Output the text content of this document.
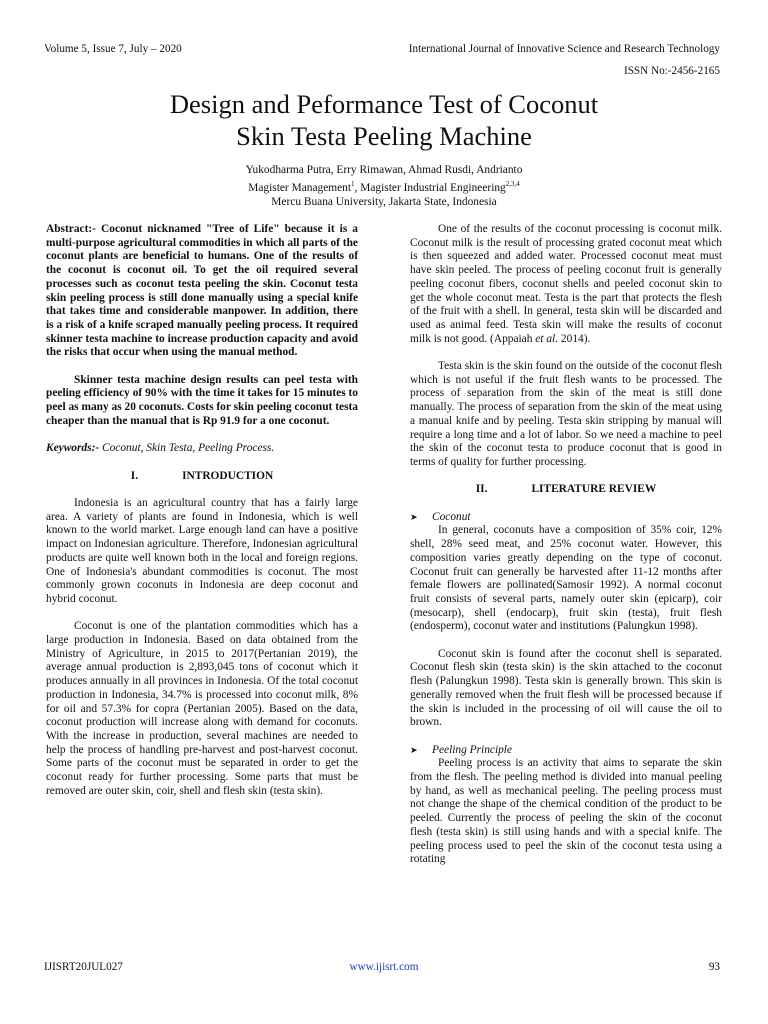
Volume 5, Issue 7, July – 2020	International Journal of Innovative Science and Research Technology
ISSN No:-2456-2165
Design and Peformance Test of Coconut
Skin Testa Peeling Machine
Yukodharma Putra, Erry Rimawan, Ahmad Rusdi, Andrianto
Magister Management$^1$, Magister Industrial Engineering$^{2,3,4}$
Mercu Buana University, Jakarta State, Indonesia

Abstract:- Coconut nicknamed "Tree of Life" because it is a multi-purpose agricultural commodities in which all parts of the coconut plants are beneficial to humans. One of the results of the coconut is coconut oil. To get the oil required several processes such as coconut testa peeling the skin. Coconut testa skin peeling process is still done manually using a special knife that takes time and considerable manpower. In addition, there is a risk of a knife scraped manually peeling process. It required skinner testa machine to increase production capacity and avoid the risks that occur when using the manual method.

Skinner testa machine design results can peel testa with peeling efficiency of 90% with the time it takes for 15 minutes to peel as many as 20 coconuts. Costs for skin peeling coconut testa cheaper than the manual that is Rp 91.9 for a one coconut.

Keywords:- Coconut, Skin Testa, Peeling Process.

I.	INTRODUCTION

Indonesia is an agricultural country that has a fairly large area. A variety of plants are found in Indonesia, which is well known to the world market. Large enough land can have a positive impact on Indonesian agriculture. Therefore, Indonesian agricultural products are quite well known both in the local and foreign regions. One of Indonesia's abundant commodities is coconut. The most commonly grown coconuts in Indonesia are deep coconut and hybrid coconut.

Coconut is one of the plantation commodities which has a large production in Indonesia. Based on data obtained from the Ministry of Agriculture, in 2015 to 2017(Pertanian 2019), the average annual production is 2,893,045 tons of coconut which it produces annually in all provinces in Indonesia. Of the total coconut production in Indonesia, 34.7% is processed into coconut milk, 8% for oil and 57.3% for copra (Pertanian 2005). Based on the data, coconut production will increase along with demand for coconuts. With the increase in production, several machines are needed to help the process of handling pre-harvest and post-harvest coconut. Some parts of the coconut must be separated in order to get the coconut ready for further processing. Some parts that must be removed are outer skin, coir, shell and flesh skin (testa skin).

One of the results of the coconut processing is coconut milk. Coconut milk is the result of processing grated coconut meat which is then squeezed and added water. Processed coconut meat must have skin peeled. The process of peeling coconut fruit is generally peeling coconut fibers, coconut shells and peeled coconut skin to get the whole coconut meat. Testa is the part that protects the flesh of the fruit with a shell. In general, testa skin will be discarded and used as animal feed. Testa skin will make the results of coconut milk is not good. (Appaiah et al. 2014).

Testa skin is the skin found on the outside of the coconut flesh which is not useful if the fruit flesh wants to be processed. The process of separation from the skin of the meat is still done manually. The process of separation from the skin of the meat using a manual knife and by peeling. Testa skin stripping by manual will require a long time and a lot of labor. So we need a machine to peel the skin of the coconut testa to produce coconut that is good in terms of quality for further processing.

II.	LITERATURE REVIEW
➤	Coconut

In general, coconuts have a composition of 35% coir, 12% shell, 28% seed meat, and 25% coconut water. However, this composition varies greatly depending on the type of coconut. Coconut fruit can generally be harvested after 11-12 months after female flowers are pollinated(Samosir 1992). A normal coconut fruit consists of several parts, namely outer skin (epicarp), coir (mesocarp), shell (endocarp), fruit skin (testa), fruit flesh (endosperm), coconut water and institutions (Palungkun 1998).

Coconut skin is found after the coconut shell is separated. Coconut flesh skin (testa skin) is the skin attached to the coconut flesh (Palungkun 1998). Testa skin is generally brown. This skin is generally removed when the fruit flesh will be processed because if the skin is included in the processing of oil will cause the oil to brown.

➤	Peeling Principle

Peeling process is an activity that aims to separate the skin from the flesh. The peeling method is divided into manual peeling by hand, as well as mechanical peeling. The peeling process must not change the shape of the chemical condition of the product to be peeled. Currently the process of peeling the skin of the coconut flesh (testa skin) is still using hands and with a special knife. The peeling process used to peel the skin of the coconut testa using a rotating

IJISRT20JUL027	www.ijisrt.com	93
